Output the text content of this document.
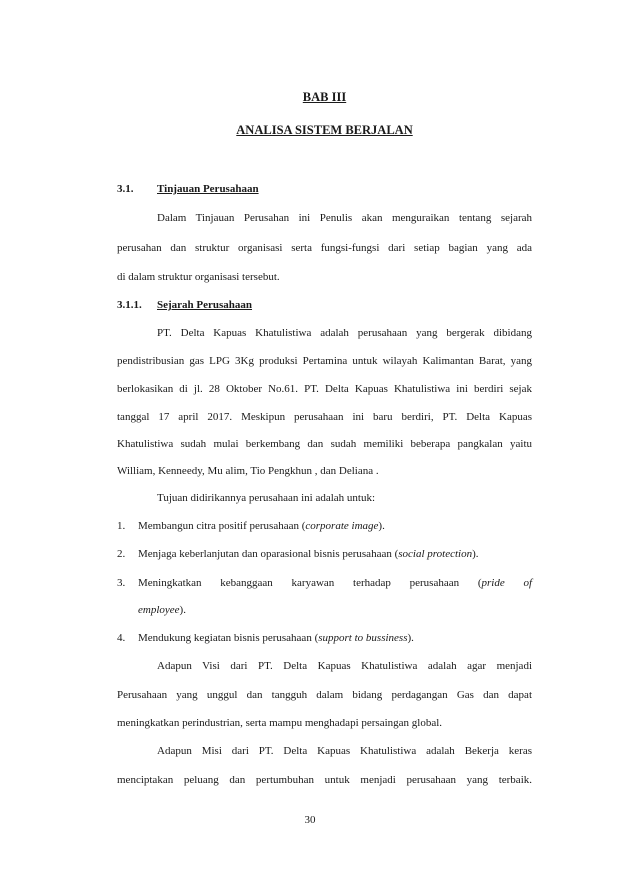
BAB III
ANALISA SISTEM BERJALAN
3.1. Tinjauan Perusahaan
Dalam Tinjauan Perusahan ini Penulis akan menguraikan tentang sejarah
perusahan dan struktur organisasi serta fungsi-fungsi dari setiap bagian yang ada
di dalam struktur organisasi tersebut.
3.1.1. Sejarah Perusahaan
PT. Delta Kapuas Khatulistiwa adalah perusahaan yang bergerak dibidang
pendistribusian gas LPG 3Kg produksi Pertamina untuk wilayah Kalimantan Barat, yang
berlokasikan di jl. 28 Oktober No.61. PT. Delta Kapuas Khatulistiwa ini berdiri sejak
tanggal 17 april 2017. Meskipun perusahaan ini baru berdiri, PT. Delta Kapuas
Khatulistiwa sudah mulai berkembang dan sudah memiliki beberapa pangkalan yaitu
William, Kenneedy, Mu alim, Tio Pengkhun , dan Deliana .
Tujuan didirikannya perusahaan ini adalah untuk:
1. Membangun citra positif perusahaan (corporate image).
2. Menjaga keberlanjutan dan oparasional bisnis perusahaan (social protection).
3. Meningkatkan kebanggaan karyawan terhadap perusahaan (pride of
employee).
4. Mendukung kegiatan bisnis perusahaan (support to bussiness).
Adapun Visi dari PT. Delta Kapuas Khatulistiwa adalah agar menjadi
Perusahaan yang unggul dan tangguh dalam bidang perdagangan Gas dan dapat
meningkatkan perindustrian, serta mampu menghadapi persaingan global.
Adapun Misi dari PT. Delta Kapuas Khatulistiwa adalah Bekerja keras
menciptakan peluang dan pertumbuhan untuk menjadi perusahaan yang terbaik.
30
